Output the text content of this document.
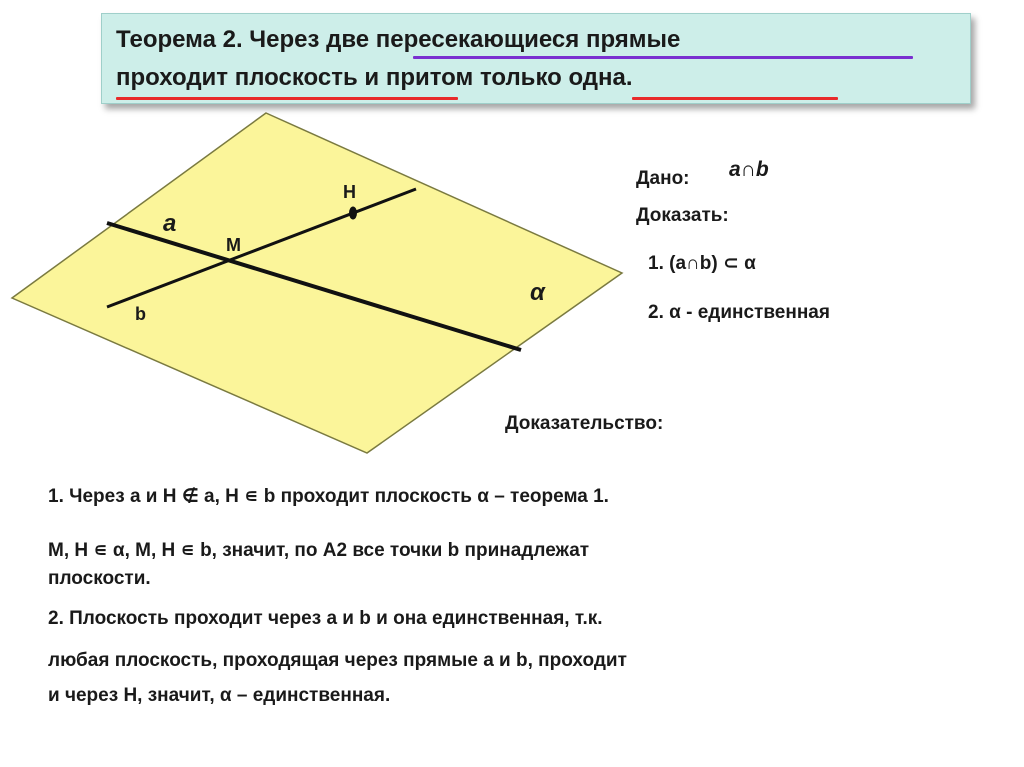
Теорема 2. Через две пересекающиеся прямые
проходит плоскость и притом только одна.
a
b
M
H
α
Дано: a∩b
Доказать:
1. (a∩b) ⊂ α
2. α - единственная
Доказательство:
1. Через a и H ∉ a, H ∊ b проходит плоскость α – теорема 1.
M, H ∊ α, M, H ∊ b, значит, по А2 все точки b принадлежат
плоскости.
2. Плоскость проходит через a и b и она единственная, т.к.
любая плоскость, проходящая через прямые a и b, проходит
и через H, значит, α – единственная.
